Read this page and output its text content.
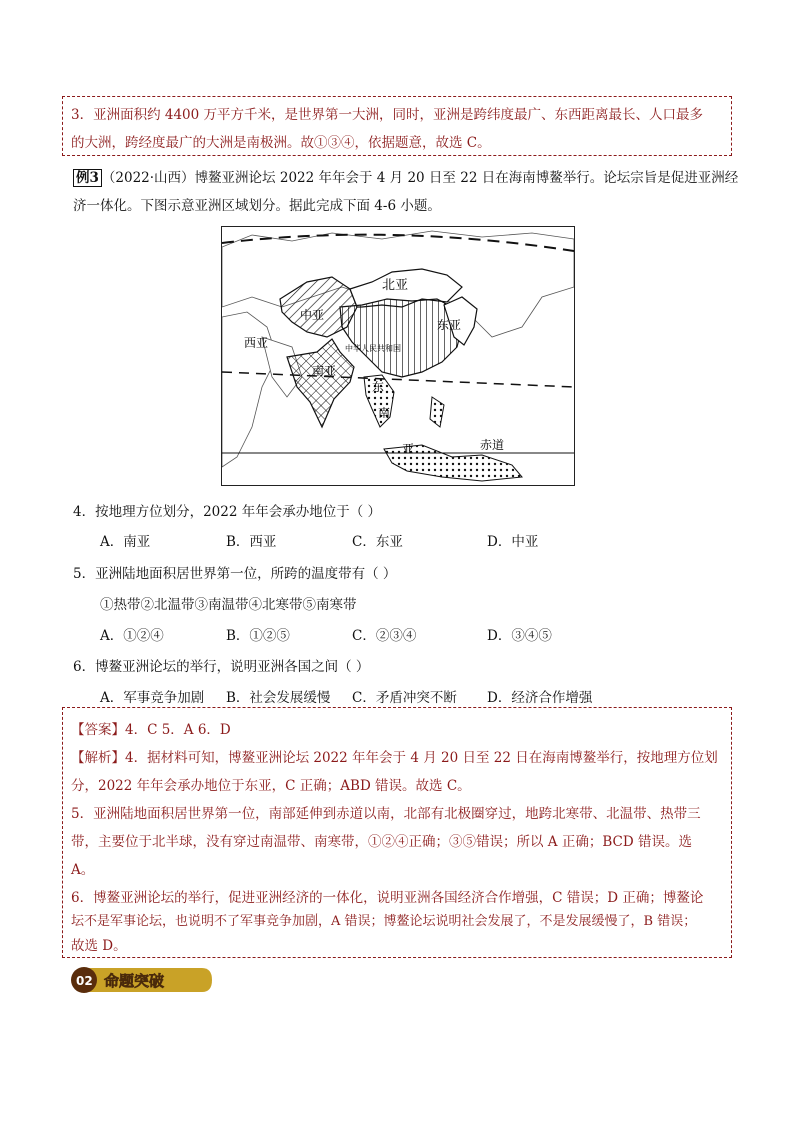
3．亚洲面积约 4400 万平方千米，是世界第一大洲，同时，亚洲是跨纬度最广、东西距离最长、人口最多
的大洲，跨经度最广的大洲是南极洲。故①③④，依据题意，故选 C。
例3 （2022·山西）博鳌亚洲论坛 2022 年年会于 4 月 20 日至 22 日在海南博鳌举行。论坛宗旨是促进亚洲经
济一体化。下图示意亚洲区域划分。据此完成下面 4-6 小题。
北亚
中亚
西亚
南亚
东亚
中华人民共和国
东
南
亚	赤道
4．按地理方位划分，2022 年年会承办地位于（ ）
A．南亚	B．西亚	C．东亚	D．中亚
5．亚洲陆地面积居世界第一位，所跨的温度带有（ ）
①热带②北温带③南温带④北寒带⑤南寒带
A．①②④	B．①②⑤	C．②③④	D．③④⑤
6．博鳌亚洲论坛的举行，说明亚洲各国之间（ ）
A．军事竞争加剧 B．社会发展缓慢 C．矛盾冲突不断 D．经济合作增强
【答案】4．C 5．A 6．D
【解析】4．据材料可知，博鳌亚洲论坛 2022 年年会于 4 月 20 日至 22 日在海南博鳌举行，按地理方位划
分，2022 年年会承办地位于东亚，C 正确；ABD 错误。故选 C。
5．亚洲陆地面积居世界第一位，南部延伸到赤道以南，北部有北极圈穿过，地跨北寒带、北温带、热带三
带，主要位于北半球，没有穿过南温带、南寒带，①②④正确；③⑤错误；所以 A 正确；BCD 错误。选
A。
6．博鳌亚洲论坛的举行，促进亚洲经济的一体化，说明亚洲各国经济合作增强，C 错误；D 正确；博鳌论
坛不是军事论坛，也说明不了军事竞争加剧，A 错误；博鳌论坛说明社会发展了，不是发展缓慢了，B 错误；
故选 D。
02 命题突破
